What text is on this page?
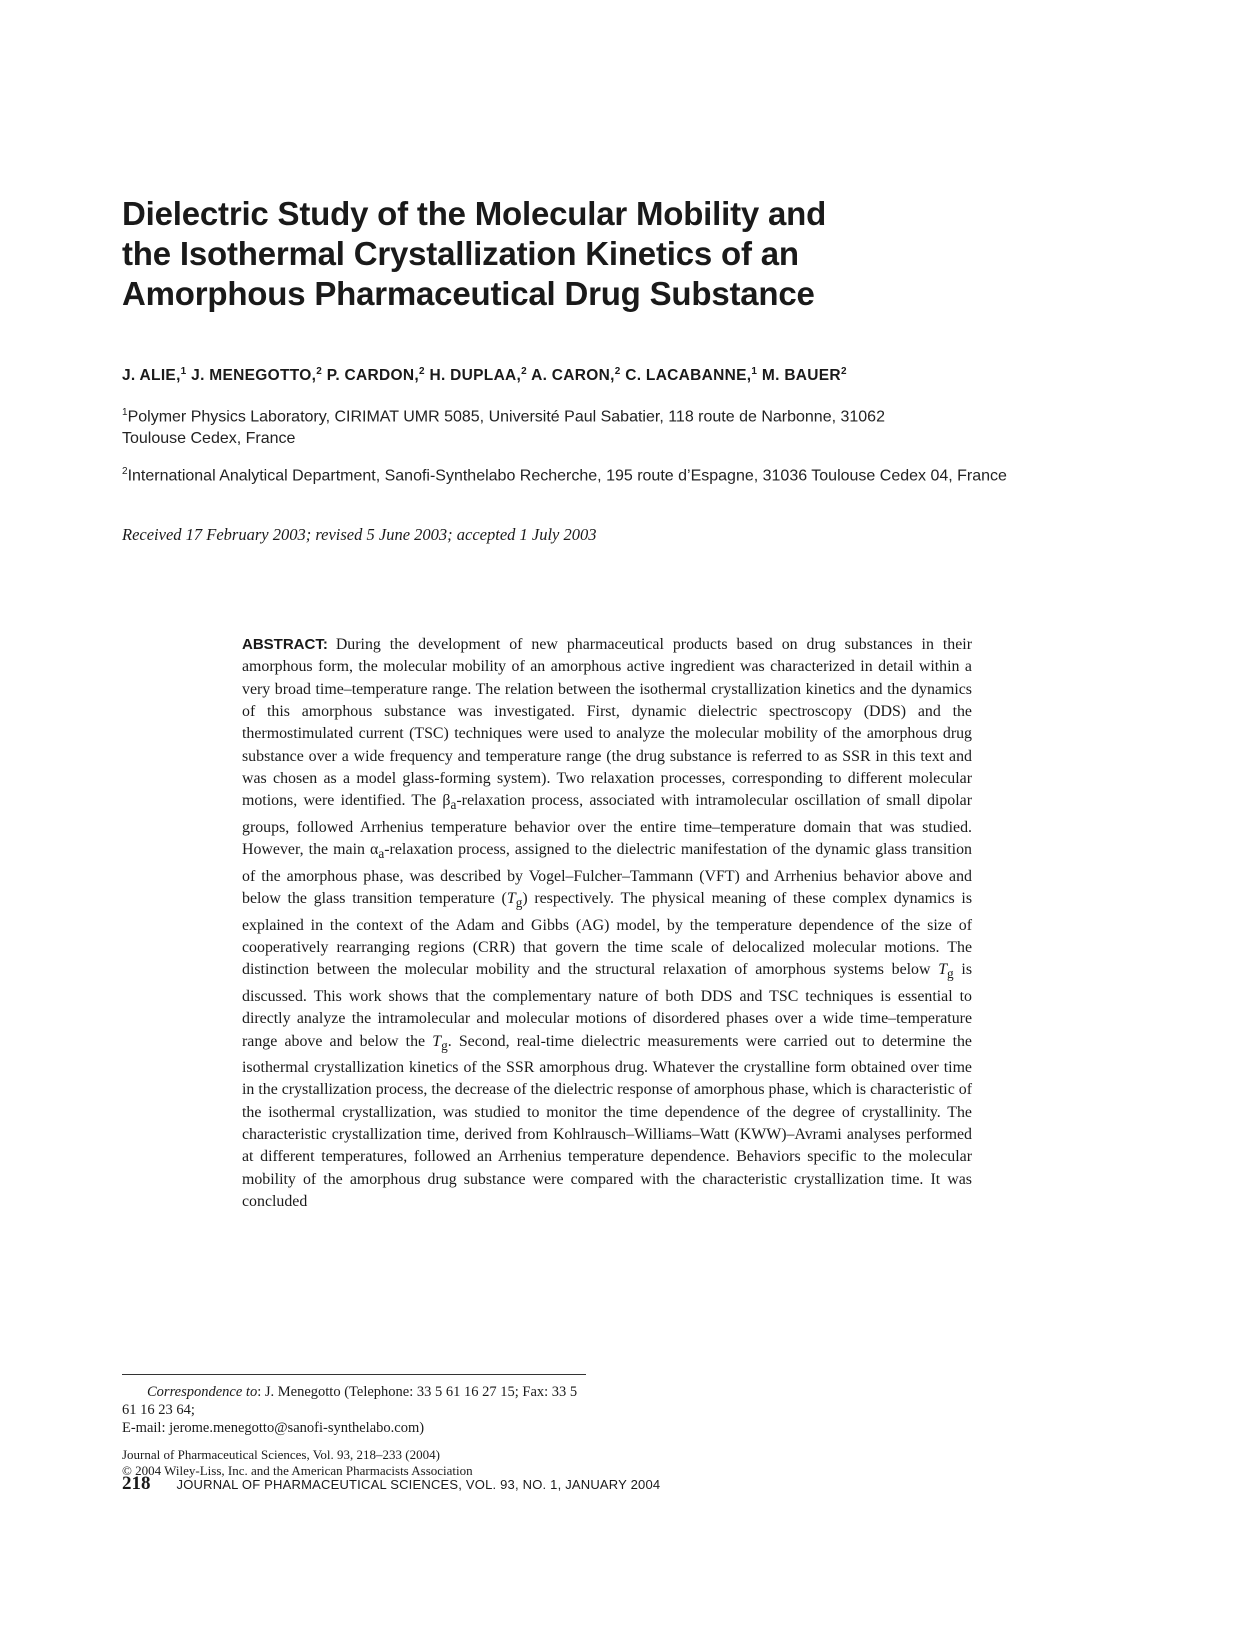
Dielectric Study of the Molecular Mobility and
the Isothermal Crystallization Kinetics of an
Amorphous Pharmaceutical Drug Substance
J. ALIE,$^1$ J. MENEGOTTO,$^2$ P. CARDON,$^2$ H. DUPLAA,$^2$ A. CARON,$^2$ C. LACABANNE,$^1$ M. BAUER$^2$
$^1$Polymer Physics Laboratory, CIRIMAT UMR 5085, Université Paul Sabatier, 118 route de Narbonne, 31062 Toulouse Cedex, France
$^2$International Analytical Department, Sanofi-Synthelabo Recherche, 195 route d’Espagne, 31036 Toulouse Cedex 04, France
Received 17 February 2003; revised 5 June 2003; accepted 1 July 2003
ABSTRACT: During the development of new pharmaceutical products based on drug substances in their amorphous form, the molecular mobility of an amorphous active ingredient was characterized in detail within a very broad time–temperature range. The relation between the isothermal crystallization kinetics and the dynamics of this amorphous substance was investigated. First, dynamic dielectric spectroscopy (DDS) and the thermostimulated current (TSC) techniques were used to analyze the molecular mobility of the amorphous drug substance over a wide frequency and temperature range (the drug substance is referred to as SSR in this text and was chosen as a model glass-forming system). Two relaxation processes, corresponding to different molecular motions, were identified. The $\beta_a$-relaxation process, associated with intramolecular oscillation of small dipolar groups, followed Arrhenius temperature behavior over the entire time–temperature domain that was studied. However, the main $\alpha_a$-relaxation process, assigned to the dielectric manifestation of the dynamic glass transition of the amorphous phase, was described by Vogel–Fulcher–Tammann (VFT) and Arrhenius behavior above and below the glass transition temperature $(T_g)$ respectively. The physical meaning of these complex dynamics is explained in the context of the Adam and Gibbs (AG) model, by the temperature dependence of the size of cooperatively rearranging regions (CRR) that govern the time scale of delocalized molecular motions. The distinction between the molecular mobility and the structural relaxation of amorphous systems below $T_g$ is discussed. This work shows that the complementary nature of both DDS and TSC techniques is essential to directly analyze the intramolecular and molecular motions of disordered phases over a wide time–temperature range above and below the $T_g$. Second, real-time dielectric measurements were carried out to determine the isothermal crystallization kinetics of the SSR amorphous drug. Whatever the crystalline form obtained over time in the crystallization process, the decrease of the dielectric response of amorphous phase, which is characteristic of the isothermal crystallization, was studied to monitor the time dependence of the degree of crystallinity. The characteristic crystallization time, derived from Kohlrausch–Williams–Watt (KWW)–Avrami analyses performed at different temperatures, followed an Arrhenius temperature dependence. Behaviors specific to the molecular mobility of the amorphous drug substance were compared with the characteristic crystallization time. It was concluded
Correspondence to: J. Menegotto (Telephone: 33 5 61 16 27 15; Fax: 33 5 61 16 23 64;
E-mail: jerome.menegotto@sanofi-synthelabo.com)
Journal of Pharmaceutical Sciences, Vol. 93, 218–233 (2004)
© 2004 Wiley-Liss, Inc. and the American Pharmacists Association
218 JOURNAL OF PHARMACEUTICAL SCIENCES, VOL. 93, NO. 1, JANUARY 2004
